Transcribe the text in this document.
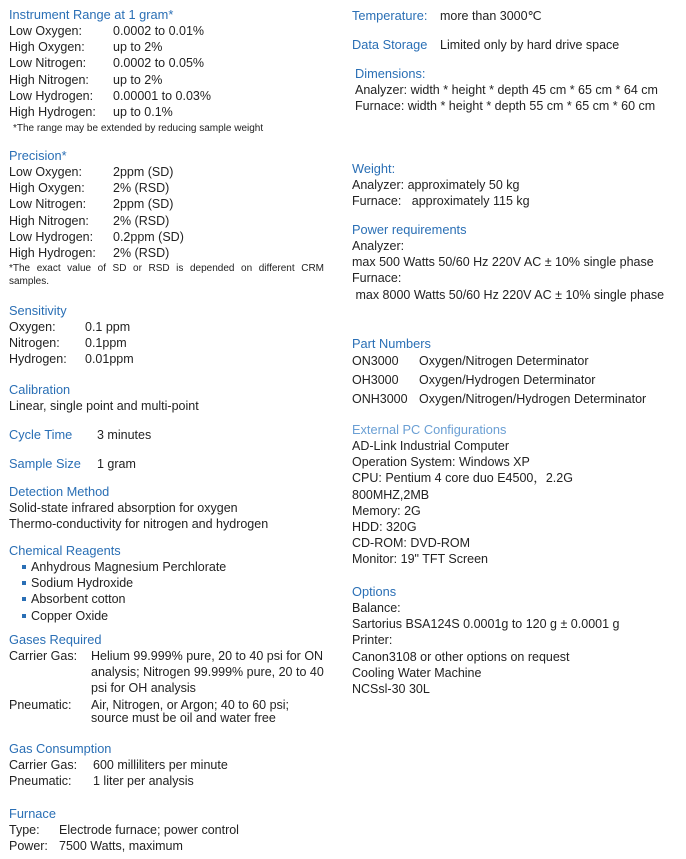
Instrument Range at 1 gram*
Low Oxygen:	0.0002 to 0.01%
High Oxygen:	up to 2%
Low Nitrogen:	0.0002 to 0.05%
High Nitrogen:	up to 2%
Low Hydrogen:	0.00001 to 0.03%
High Hydrogen:	up to 0.1%
*The range may be extended by reducing sample weight
Precision*
Low Oxygen:	2ppm (SD)
High Oxygen:	2% (RSD)
Low Nitrogen:	2ppm (SD)
High Nitrogen:	2% (RSD)
Low Hydrogen:	0.2ppm (SD)
High Hydrogen:	2% (RSD)
*The exact value of SD or RSD is depended on different CRM samples.
Sensitivity
Oxygen:	0.1 ppm
Nitrogen:	0.1ppm
Hydrogen:	0.01ppm
Calibration
Linear, single point and multi-point
Cycle Time	3 minutes
Sample Size	1 gram
Detection Method
Solid-state infrared absorption for oxygen
Thermo-conductivity for nitrogen and hydrogen
Chemical Reagents
Anhydrous Magnesium Perchlorate
Sodium Hydroxide
Absorbent cotton
Copper Oxide
Gases Required
Carrier Gas:	Helium 99.999% pure, 20 to 40 psi for ON analysis; Nitrogen 99.999% pure, 20 to 40 psi for OH analysis
Pneumatic:	Air, Nitrogen, or Argon; 40 to 60 psi; source must be oil and water free
Gas Consumption
Carrier Gas:	600 milliliters per minute
Pneumatic:	1 liter per analysis
Furnace
Type:	Electrode furnace; power control
Power: 7500 Watts, maximum
Temperature:	more than 3000℃
Data Storage	Limited only by hard drive space
Dimensions:
Analyzer: width * height * depth 45 cm * 65 cm * 64 cm
Furnace: width * height * depth 55 cm * 65 cm * 60 cm
Weight:
Analyzer: approximately 50 kg
Furnace:   approximately 115 kg
Power requirements
Analyzer:
max 500 Watts 50/60 Hz 220V AC ± 10% single phase
Furnace:
max 8000 Watts 50/60 Hz 220V AC ± 10% single phase
Part Numbers
ON3000	Oxygen/Nitrogen Determinator
OH3000	Oxygen/Hydrogen Determinator
ONH3000 Oxygen/Nitrogen/Hydrogen Determinator
External PC Configurations
AD-Link Industrial Computer
Operation System: Windows XP
CPU: Pentium 4 core duo E4500，2.2G
800MHZ,2MB
Memory: 2G
HDD: 320G
CD-ROM: DVD-ROM
Monitor: 19" TFT Screen
Options
Balance:
Sartorius BSA124S 0.0001g to 120 g ± 0.0001 g
Printer:
Canon3108 or other options on request
Cooling Water Machine
NCSsl-30 30L
